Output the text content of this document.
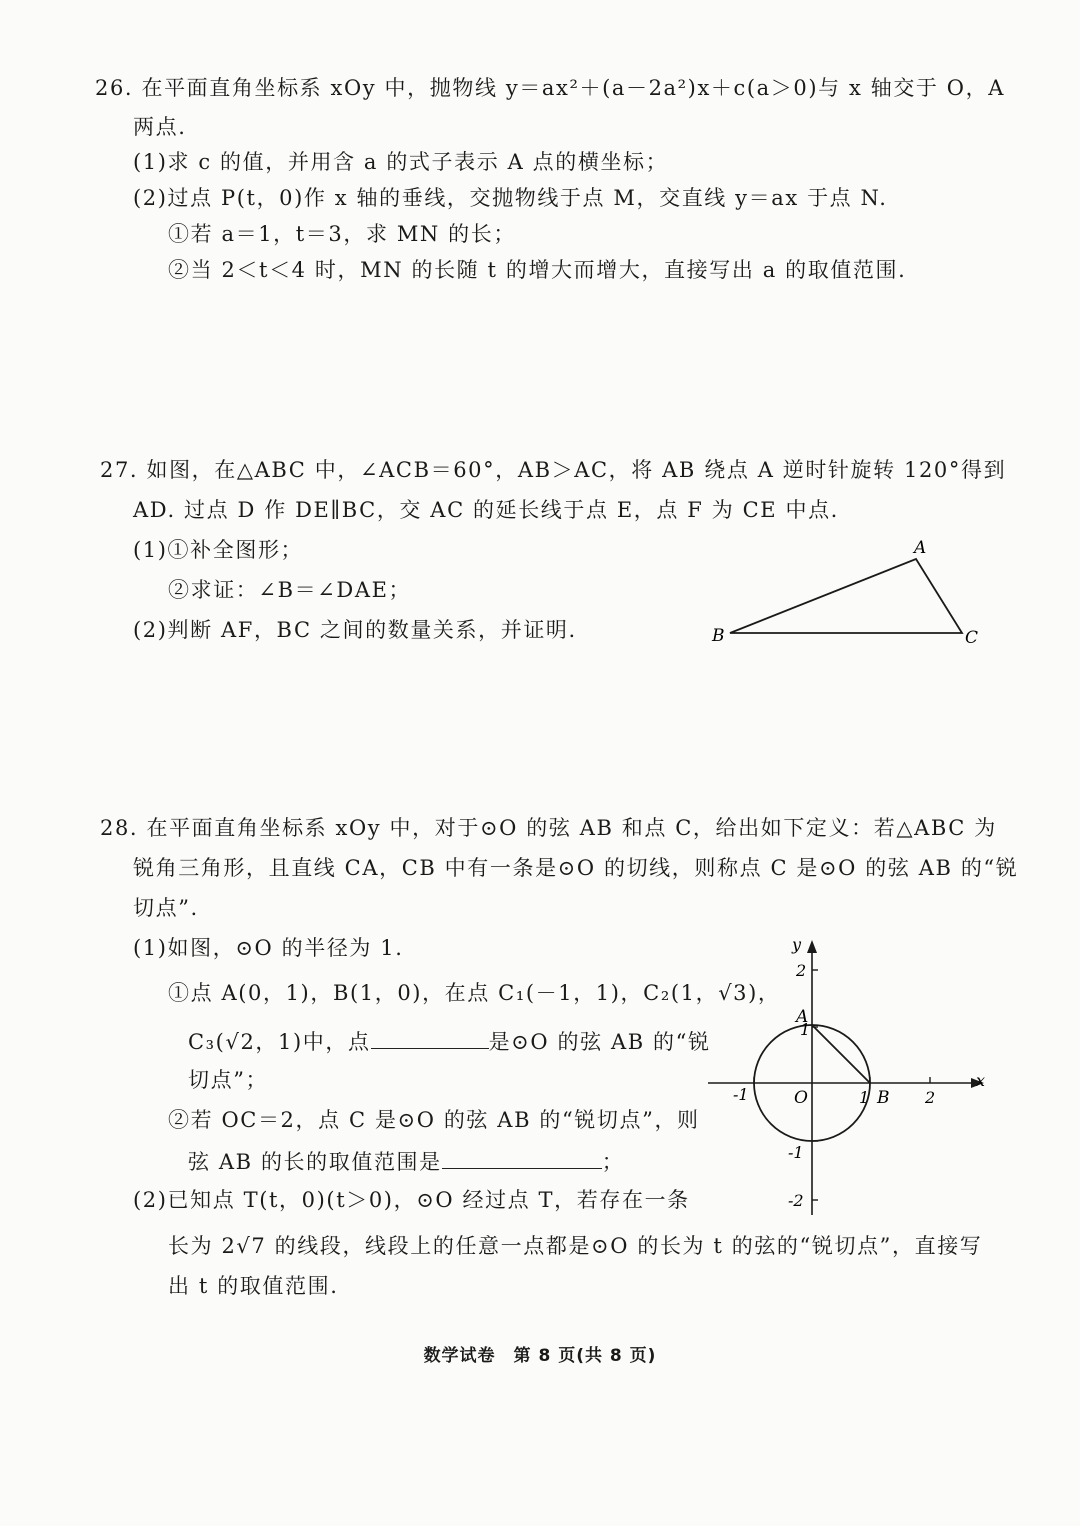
26. 在平面直角坐标系 xOy 中，抛物线 y＝ax²＋(a－2a²)x＋c(a＞0)与 x 轴交于 O，A
两点.
(1)求 c 的值，并用含 a 的式子表示 A 点的横坐标；
(2)过点 P(t，0)作 x 轴的垂线，交抛物线于点 M，交直线 y＝ax 于点 N.
①若 a＝1，t＝3，求 MN 的长；
②当 2＜t＜4 时，MN 的长随 t 的增大而增大，直接写出 a 的取值范围.
27. 如图，在△ABC 中，∠ACB＝60°，AB＞AC，将 AB 绕点 A 逆时针旋转 120°得到
AD. 过点 D 作 DE∥BC，交 AC 的延长线于点 E，点 F 为 CE 中点.
(1)①补全图形；
②求证：∠B＝∠DAE；
(2)判断 AF，BC 之间的数量关系，并证明.
A
B	C
28. 在平面直角坐标系 xOy 中，对于⊙O 的弦 AB 和点 C，给出如下定义：若△ABC 为
锐角三角形，且直线 CA，CB 中有一条是⊙O 的切线，则称点 C 是⊙O 的弦 AB 的“锐
切点”.
(1)如图，⊙O 的半径为 1.
①点 A(0，1)，B(1，0)，在点 C₁(－1，1)，C₂(1，√3)，
C₃(√2，1)中，点	是⊙O 的弦 AB 的“锐
切点”；
②若 OC＝2，点 C 是⊙O 的弦 AB 的“锐切点”，则
弦 AB 的长的取值范围是	；
(2)已知点 T(t，0)(t＞0)，⊙O 经过点 T，若存在一条
长为 2√7 的线段，线段上的任意一点都是⊙O 的长为 t 的弦的“锐切点”，直接写
出 t 的取值范围.
x
y
O
A
B
1	2
-1
2
1
-1
-2
数学试卷　第 8 页(共 8 页)
